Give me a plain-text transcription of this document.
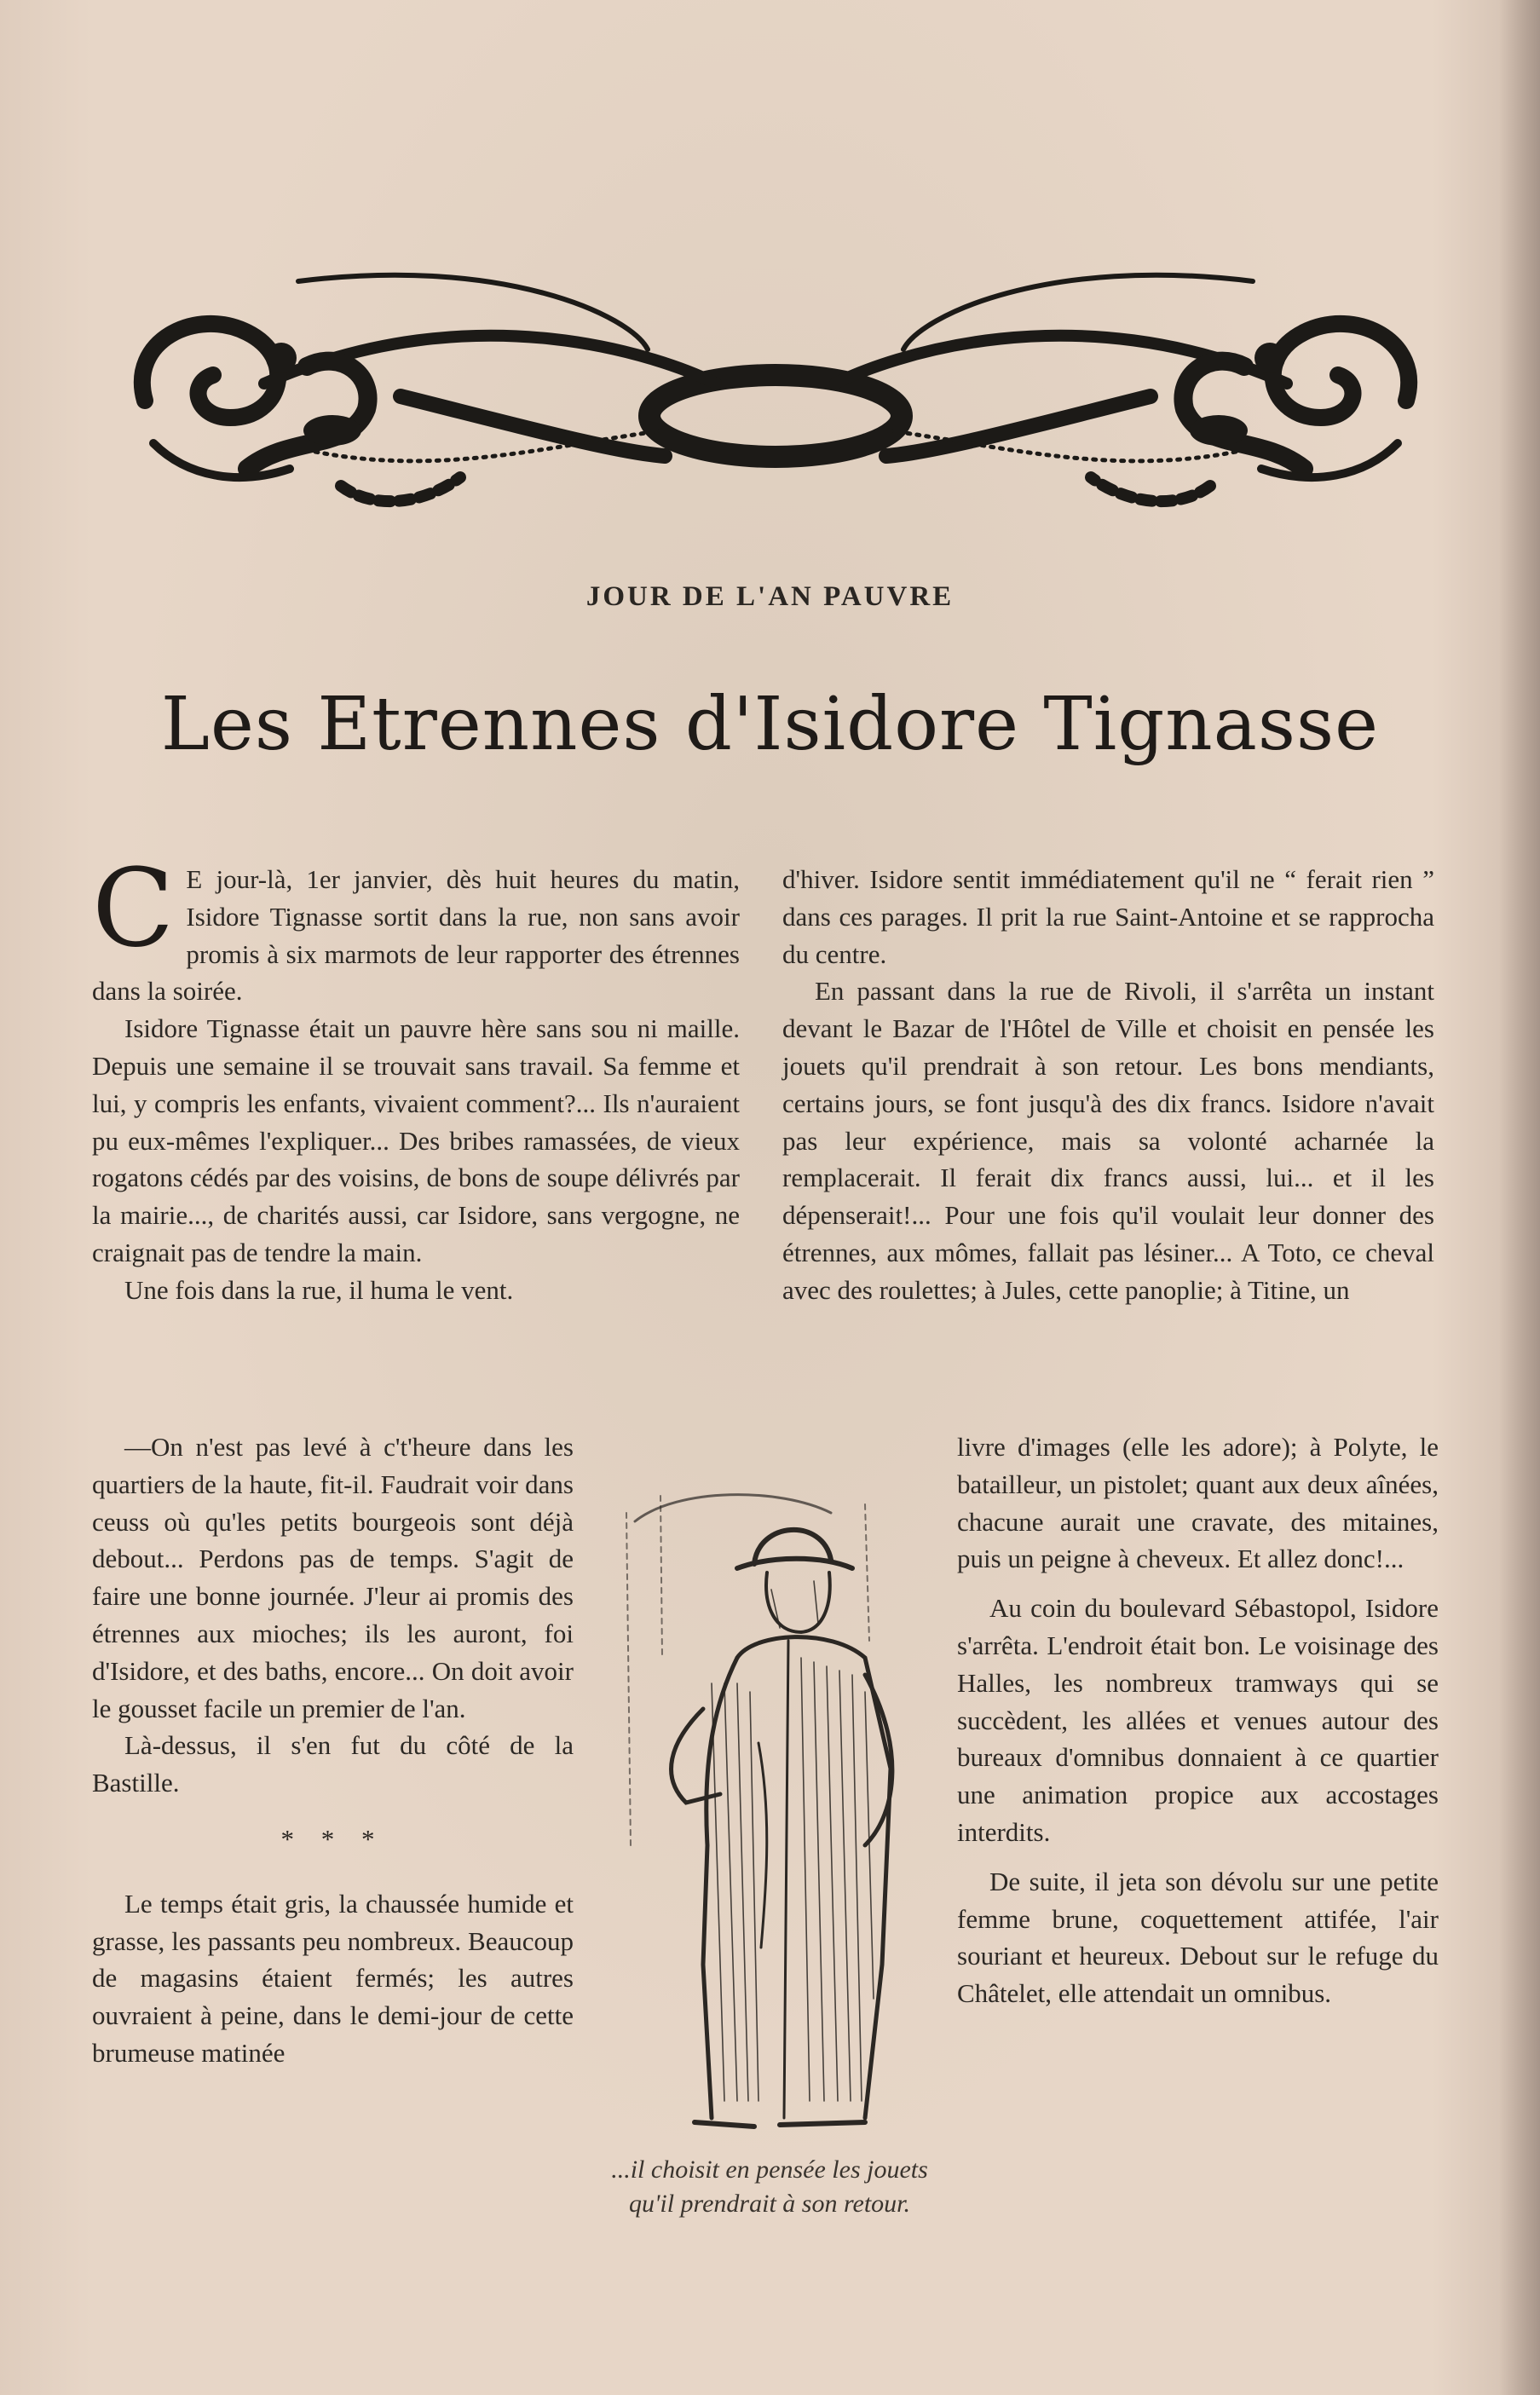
JOUR DE L'AN PAUVRE
Les Etrennes d'Isidore Tignasse

C E jour-là, 1er janvier, dès huit heures du matin, Isidore Tignasse sortit dans la rue, non sans avoir promis à six marmots de leur rapporter des étrennes dans la soirée.

Isidore Tignasse était un pauvre hère sans sou ni maille. Depuis une semaine il se trouvait sans travail. Sa femme et lui, y compris les enfants, vivaient comment?... Ils n'auraient pu eux-mêmes l'expliquer... Des bribes ramassées, de vieux rogatons cédés par des voisins, de bons de soupe délivrés par la mairie..., de charités aussi, car Isidore, sans vergogne, ne craignait pas de tendre la main.

Une fois dans la rue, il huma le vent.

—On n'est pas levé à c't'heure dans les quartiers de la haute, fit-il. Faudrait voir dans ceuss où qu'les petits bourgeois sont déjà debout... Perdons pas de temps. S'agit de faire une bonne journée. J'leur ai promis des étrennes aux mioches; ils les auront, foi d'Isidore, et des baths, encore... On doit avoir le gousset facile un premier de l'an.

Là-dessus, il s'en fut du côté de la Bastille.

* * *

Le temps était gris, la chaussée humide et grasse, les passants peu nombreux. Beaucoup de magasins étaient fermés; les autres ouvraient à peine, dans le demi-jour de cette brumeuse matinée

d'hiver. Isidore sentit immédiatement qu'il ne “ ferait rien ” dans ces parages. Il prit la rue Saint-Antoine et se rapprocha du centre.

En passant dans la rue de Rivoli, il s'arrêta un instant devant le Bazar de l'Hôtel de Ville et choisit en pensée les jouets qu'il prendrait à son retour. Les bons mendiants, certains jours, se font jusqu'à des dix francs. Isidore n'avait pas leur expérience, mais sa volonté acharnée la remplacerait. Il ferait dix francs aussi, lui... et il les dépenserait!... Pour une fois qu'il voulait leur donner des étrennes, aux mômes, fallait pas lésiner... A Toto, ce cheval avec des roulettes; à Jules, cette panoplie; à Titine, un

livre d'images (elle les adore); à Polyte, le batailleur, un pistolet; quant aux deux aînées, chacune aurait une cravate, des mitaines, puis un peigne à cheveux. Et allez donc!...

Au coin du boulevard Sébastopol, Isidore s'arrêta. L'endroit était bon. Le voisinage des Halles, les nombreux tramways qui se succèdent, les allées et venues autour des bureaux d'omnibus donnaient à ce quartier une animation propice aux accostages interdits.

De suite, il jeta son dévolu sur une petite femme brune, coquettement attifée, l'air souriant et heureux. Debout sur le refuge du Châtelet, elle attendait un omnibus.

...il choisit en pensée les jouets qu'il prendrait à son retour.
